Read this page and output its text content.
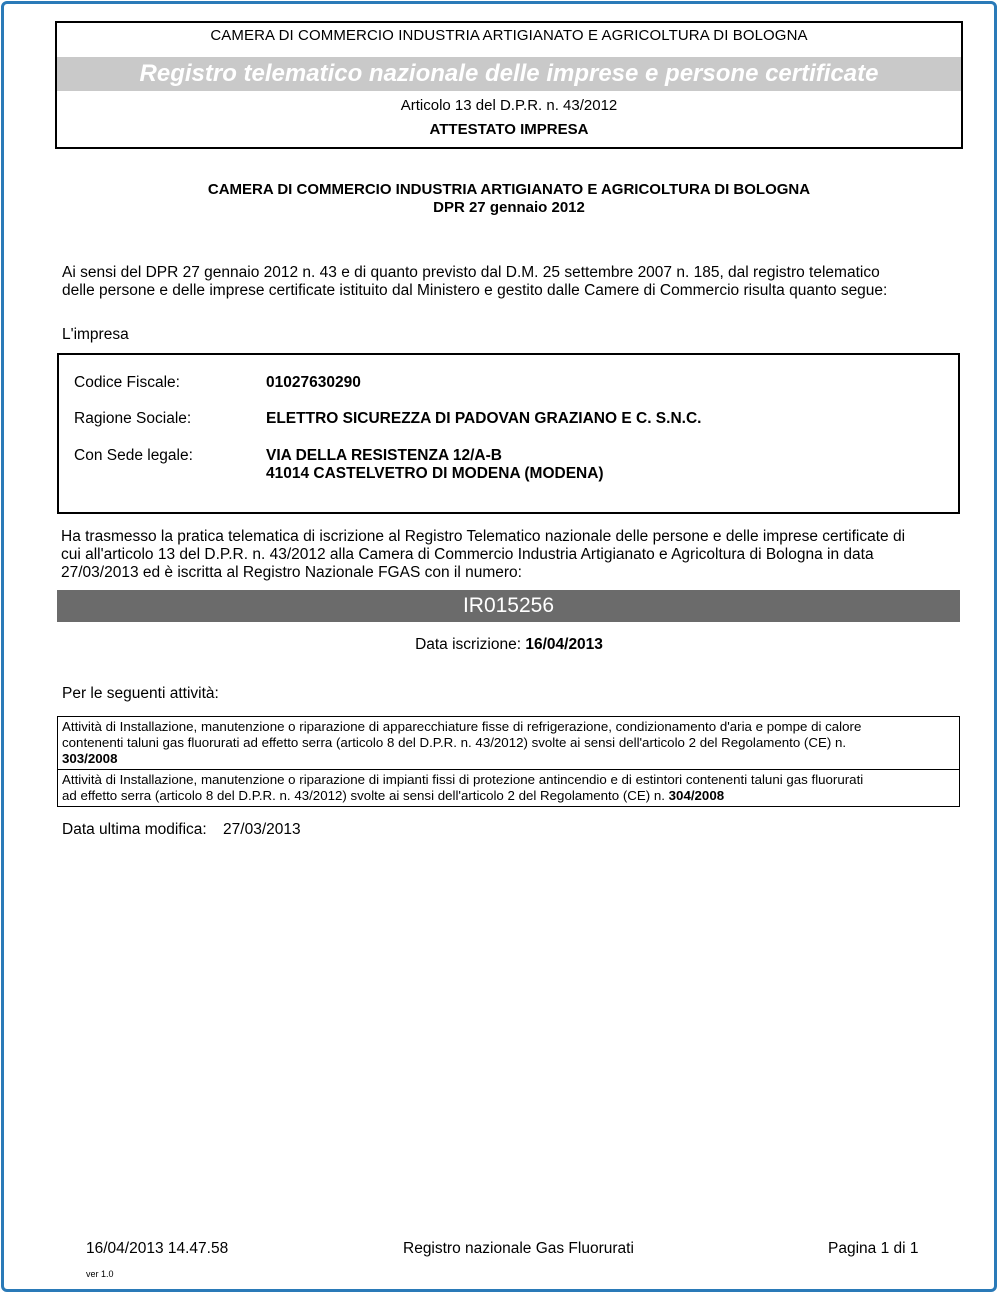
CAMERA DI COMMERCIO INDUSTRIA ARTIGIANATO E AGRICOLTURA DI BOLOGNA
Registro telematico nazionale delle imprese e persone certificate
Articolo 13 del D.P.R. n. 43/2012
ATTESTATO IMPRESA
CAMERA DI COMMERCIO INDUSTRIA ARTIGIANATO E AGRICOLTURA DI BOLOGNA
DPR 27 gennaio 2012
Ai sensi del DPR 27 gennaio 2012 n. 43 e di quanto previsto dal D.M. 25 settembre 2007 n. 185, dal registro telematico
delle persone e delle imprese certificate istituito dal Ministero e gestito dalle Camere di Commercio risulta quanto segue:
L'impresa
Codice Fiscale:	01027630290
Ragione Sociale:	ELETTRO SICUREZZA DI PADOVAN GRAZIANO E C. S.N.C.
Con Sede legale:	VIA DELLA RESISTENZA 12/A-B
41014 CASTELVETRO DI MODENA (MODENA)
Ha trasmesso la pratica telematica di iscrizione al Registro Telematico nazionale delle persone e delle imprese certificate di
cui all'articolo 13 del D.P.R. n. 43/2012 alla Camera di Commercio Industria Artigianato e Agricoltura di Bologna in data
27/03/2013 ed è iscritta al Registro Nazionale FGAS con il numero:
IR015256
Data iscrizione: 16/04/2013
Per le seguenti attività:
Attività di Installazione, manutenzione o riparazione di apparecchiature fisse di refrigerazione, condizionamento d'aria e pompe di calore
contenenti taluni gas fluorurati ad effetto serra (articolo 8 del D.P.R. n. 43/2012) svolte ai sensi dell'articolo 2 del Regolamento (CE) n.
303/2008
Attività di Installazione, manutenzione o riparazione di impianti fissi di protezione antincendio e di estintori contenenti taluni gas fluorurati
ad effetto serra (articolo 8 del D.P.R. n. 43/2012) svolte ai sensi dell'articolo 2 del Regolamento (CE) n. 304/2008
Data ultima modifica: 27/03/2013
16/04/2013 14.47.58	Registro nazionale Gas Fluorurati	Pagina 1 di 1
ver 1.0
